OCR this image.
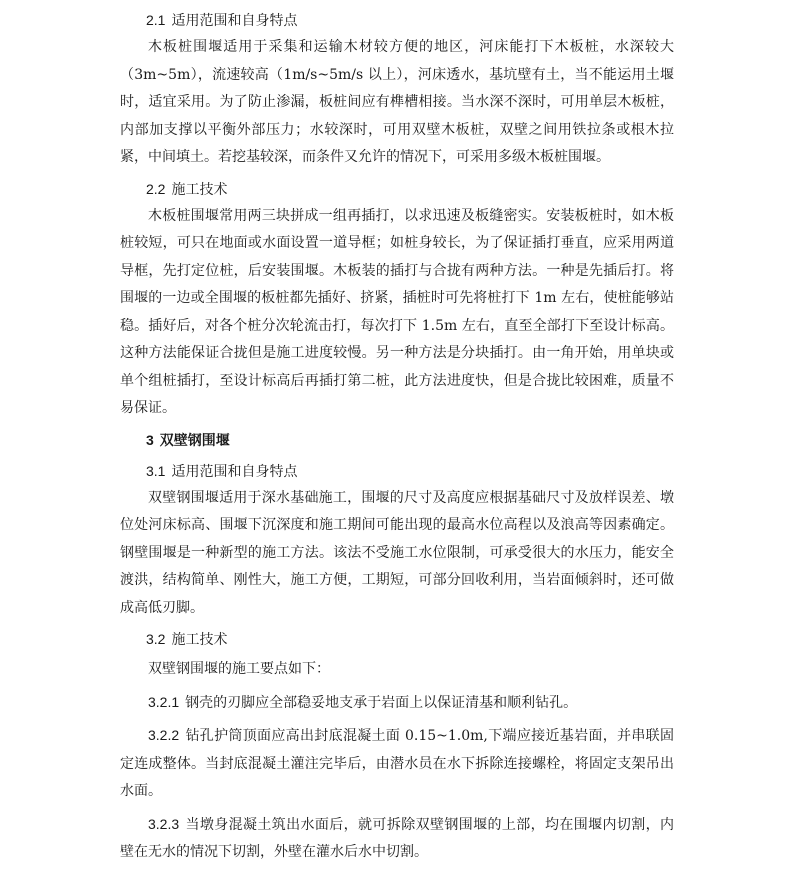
2.1 适用范围和自身特点

木板桩围堰适用于采集和运输木材较方便的地区，河床能打下木板桩，水深较大（3m~5m），流速较高（1m/s~5m/s 以上），河床透水，基坑壁有土，当不能运用土堰时，适宜采用。为了防止渗漏，板桩间应有榫槽相接。当水深不深时，可用单层木板桩，内部加支撑以平衡外部压力；水较深时，可用双壁木板桩，双壁之间用铁拉条或根木拉紧，中间填土。若挖基较深，而条件又允许的情况下，可采用多级木板桩围堰。

2.2 施工技术

木板桩围堰常用两三块拼成一组再插打，以求迅速及板缝密实。安装板桩时，如木板桩较短，可只在地面或水面设置一道导框；如桩身较长，为了保证插打垂直，应采用两道导框，先打定位桩，后安装围堰。木板装的插打与合拢有两种方法。一种是先插后打。将围堰的一边或全围堰的板桩都先插好、挤紧，插桩时可先将桩打下 1m 左右，使桩能够站稳。插好后，对各个桩分次轮流击打，每次打下 1.5m 左右，直至全部打下至设计标高。这种方法能保证合拢但是施工进度较慢。另一种方法是分块插打。由一角开始，用单块或单个组桩插打，至设计标高后再插打第二桩，此方法进度快，但是合拢比较困难，质量不易保证。

3 双壁钢围堰
3.1 适用范围和自身特点

双壁钢围堰适用于深水基础施工，围堰的尺寸及高度应根据基础尺寸及放样误差、墩位处河床标高、围堰下沉深度和施工期间可能出现的最高水位高程以及浪高等因素确定。钢壁围堰是一种新型的施工方法。该法不受施工水位限制，可承受很大的水压力，能安全渡洪，结构简单、刚性大，施工方便，工期短，可部分回收利用，当岩面倾斜时，还可做成高低刃脚。

3.2 施工技术

双壁钢围堰的施工要点如下：

3.2.1 钢壳的刃脚应全部稳妥地支承于岩面上以保证清基和顺利钻孔。

3.2.2 钻孔护筒顶面应高出封底混凝土面 0.15~1.0m,下端应接近基岩面，并串联固定连成整体。当封底混凝土灌注完毕后，由潜水员在水下拆除连接螺栓，将固定支架吊出水面。

3.2.3 当墩身混凝土筑出水面后，就可拆除双壁钢围堰的上部，均在围堰内切割，内壁在无水的情况下切割，外壁在灌水后水中切割。
